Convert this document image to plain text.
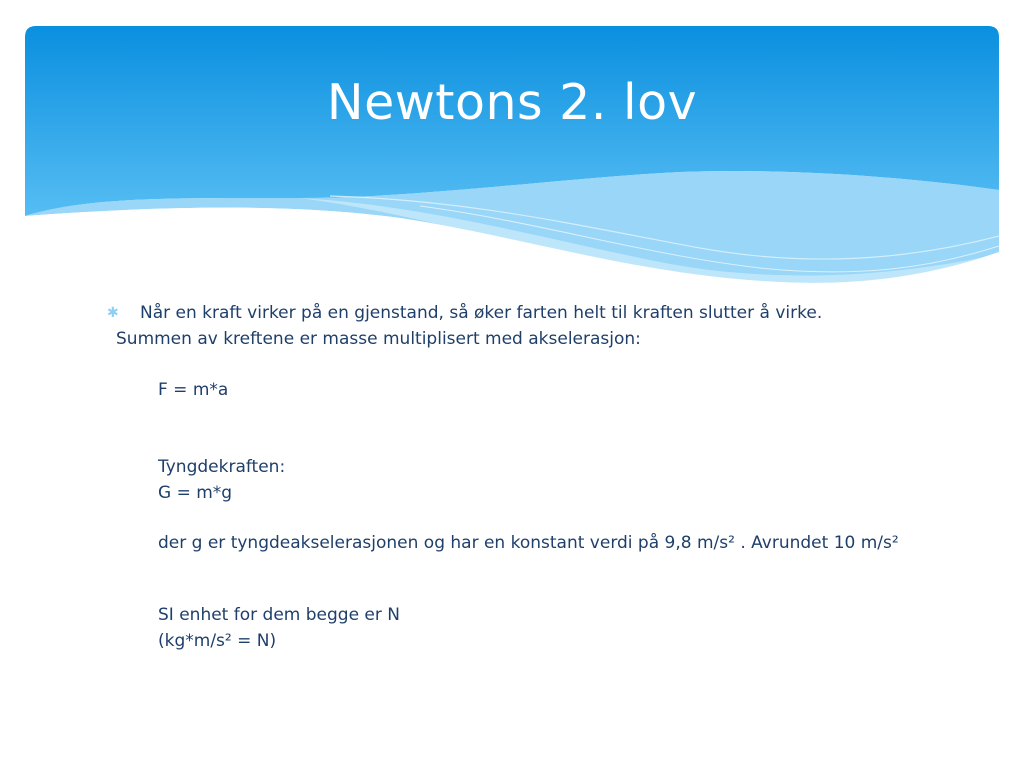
Newtons 2. lov
✱ Når en kraft virker på en gjenstand, så øker farten helt til kraften slutter å virke.
Summen av kreftene er masse multiplisert med akselerasjon:
F = m*a
Tyngdekraften:
G = m*g
der g er tyngdeakselerasjonen og har en konstant verdi på 9,8 m/s² . Avrundet 10 m/s²
SI enhet for dem begge er N
(kg*m/s² = N)
